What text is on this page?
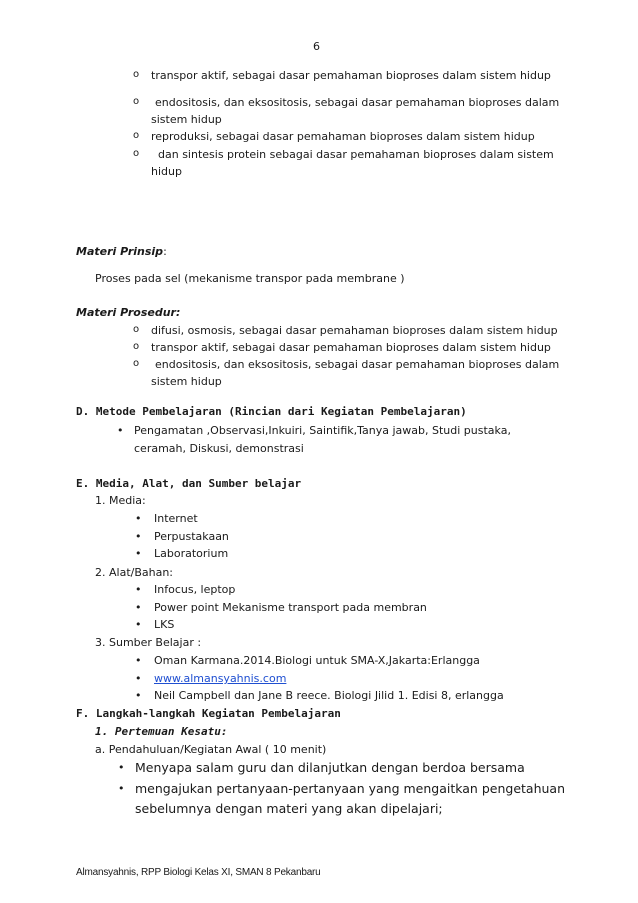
6
o transpor aktif, sebagai dasar pemahaman bioproses dalam sistem hidup
o endositosis, dan eksositosis, sebagai dasar pemahaman bioproses dalam
sistem hidup
o reproduksi, sebagai dasar pemahaman bioproses dalam sistem hidup
o dan sintesis protein sebagai dasar pemahaman bioproses dalam sistem
hidup
Materi Prinsip:
Proses pada sel (mekanisme transpor pada membrane )
Materi Prosedur:
o difusi, osmosis, sebagai dasar pemahaman bioproses dalam sistem hidup
o transpor aktif, sebagai dasar pemahaman bioproses dalam sistem hidup
o endositosis, dan eksositosis, sebagai dasar pemahaman bioproses dalam
sistem hidup
D. Metode Pembelajaran (Rincian dari Kegiatan Pembelajaran)
• Pengamatan ,Observasi,Inkuiri, Saintifik,Tanya jawab, Studi pustaka,
ceramah, Diskusi, demonstrasi
E. Media, Alat, dan Sumber belajar
1. Media:
• Internet
• Perpustakaan
• Laboratorium
2. Alat/Bahan:
• Infocus, leptop
• Power point Mekanisme transport pada membran
• LKS
3. Sumber Belajar :
• Oman Karmana.2014.Biologi untuk SMA-X,Jakarta:Erlangga
• www.almansyahnis.com
• Neil Campbell dan Jane B reece. Biologi Jilid 1. Edisi 8, erlangga
F. Langkah-langkah Kegiatan Pembelajaran
1. Pertemuan Kesatu:
a. Pendahuluan/Kegiatan Awal ( 10 menit)
• Menyapa salam guru dan dilanjutkan dengan berdoa bersama
• mengajukan pertanyaan-pertanyaan yang mengaitkan pengetahuan
sebelumnya dengan materi yang akan dipelajari;
Almansyahnis, RPP Biologi Kelas XI, SMAN 8 Pekanbaru
